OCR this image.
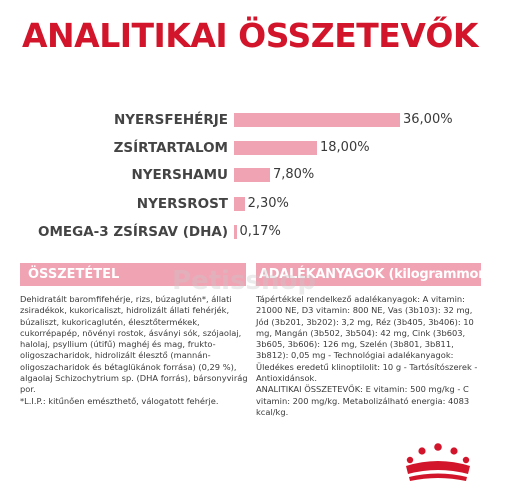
ANALITIKAI ÖSSZETEVŐK
NYERSFEHÉRJE	36,00%
ZSÍRTARTALOM	18,00%
NYERSHAMU	7,80%
NYERSROST 2,30%
OMEGA-3 ZSÍRSAV (DHA) 0,17%
ÖSSZETÉTEL	ADALÉKANYAGOK (kilogrammonként)
Petisshop
Dehidratált baromfifehérje, rizs, búzaglutén*, állati zsiradékok, kukoricaliszt, hidrolizált állati fehérjék, búzaliszt, kukoricaglutén, élesztőtermékek, cukorrépapép, növényi rostok, ásványi sók, szójaolaj, halolaj, psyllium (útifű) maghéj és mag, frukto-oligoszacharidok, hidrolizált élesztő (mannán-oligoszacharidok és bétaglükánok forrása) (0,29 %), algaolaj Schizochytrium sp. (DHA forrás), bársonyvirág por.
*L.I.P.: kitűnően emészthető, válogatott fehérje.
Tápértékkel rendelkező adalékanyagok: A vitamin: 21000 NE, D3 vitamin: 800 NE, Vas (3b103): 32 mg, Jód (3b201, 3b202): 3,2 mg, Réz (3b405, 3b406): 10 mg, Mangán (3b502, 3b504): 42 mg, Cink (3b603, 3b605, 3b606): 126 mg, Szelén (3b801, 3b811, 3b812): 0,05 mg - Technológiai adalékanyagok: Üledékes eredetű klinoptilolit: 10 g - Tartósítószerek - Antioxidánsok.
ANALITIKAI ÖSSZETEVŐK: E vitamin: 500 mg/kg - C vitamin: 200 mg/kg. Metabolizálható energia: 4083 kcal/kg.
